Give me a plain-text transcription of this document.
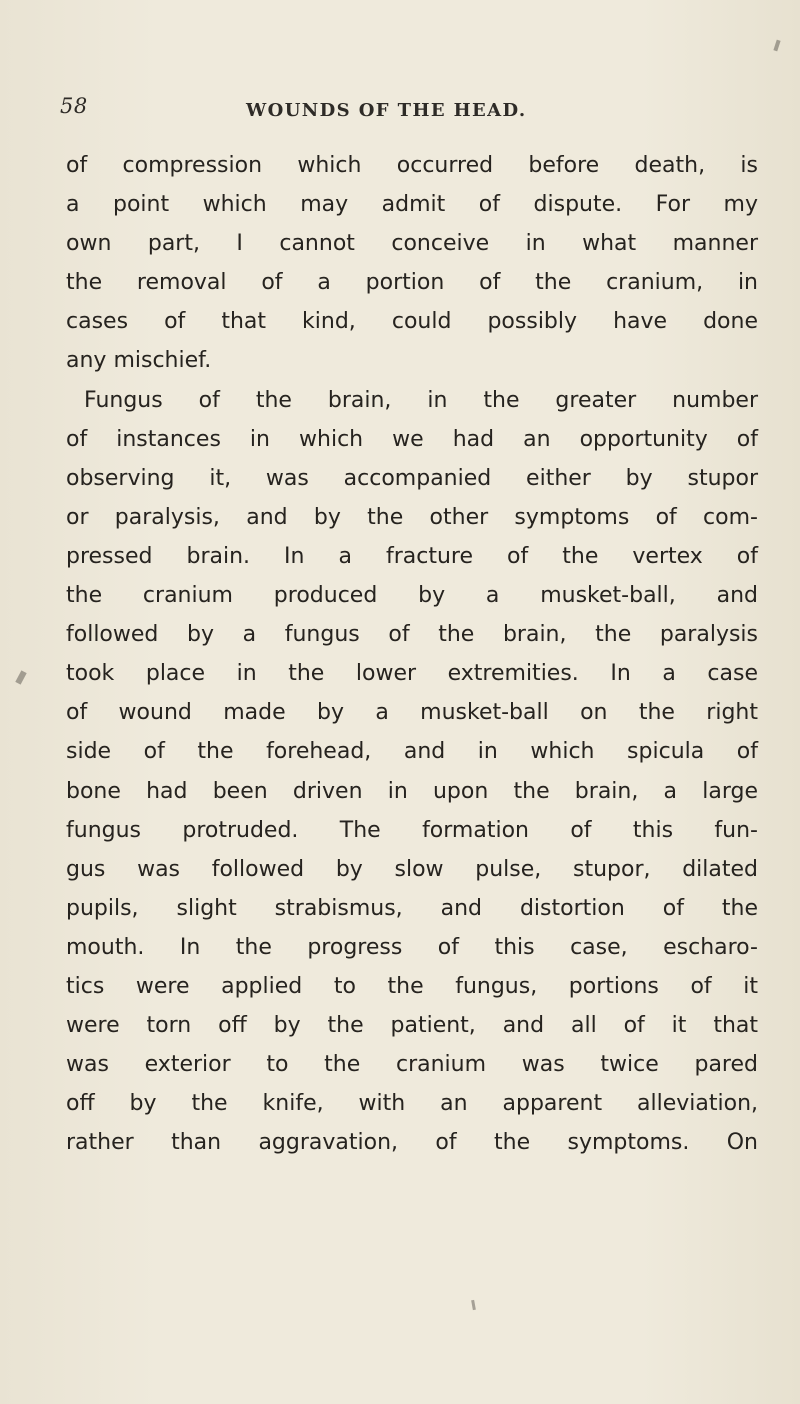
58	WOUNDS OF THE HEAD.
of compression which occurred before death, is
a point which may admit of dispute. For my
own part, I cannot conceive in what manner
the removal of a portion of the cranium, in
cases of that kind, could possibly have done
any mischief.
Fungus of the brain, in the greater number
of instances in which we had an opportunity of
observing it, was accompanied either by stupor
or paralysis, and by the other symptoms of com-
pressed brain. In a fracture of the vertex of
the cranium produced by a musket-ball, and
followed by a fungus of the brain, the paralysis
took place in the lower extremities. In a case
of wound made by a musket-ball on the right
side of the forehead, and in which spicula of
bone had been driven in upon the brain, a large
fungus protruded. The formation of this fun-
gus was followed by slow pulse, stupor, dilated
pupils, slight strabismus, and distortion of the
mouth. In the progress of this case, escharo-
tics were applied to the fungus, portions of it
were torn off by the patient, and all of it that
was exterior to the cranium was twice pared
off by the knife, with an apparent alleviation,
rather than aggravation, of the symptoms. On
